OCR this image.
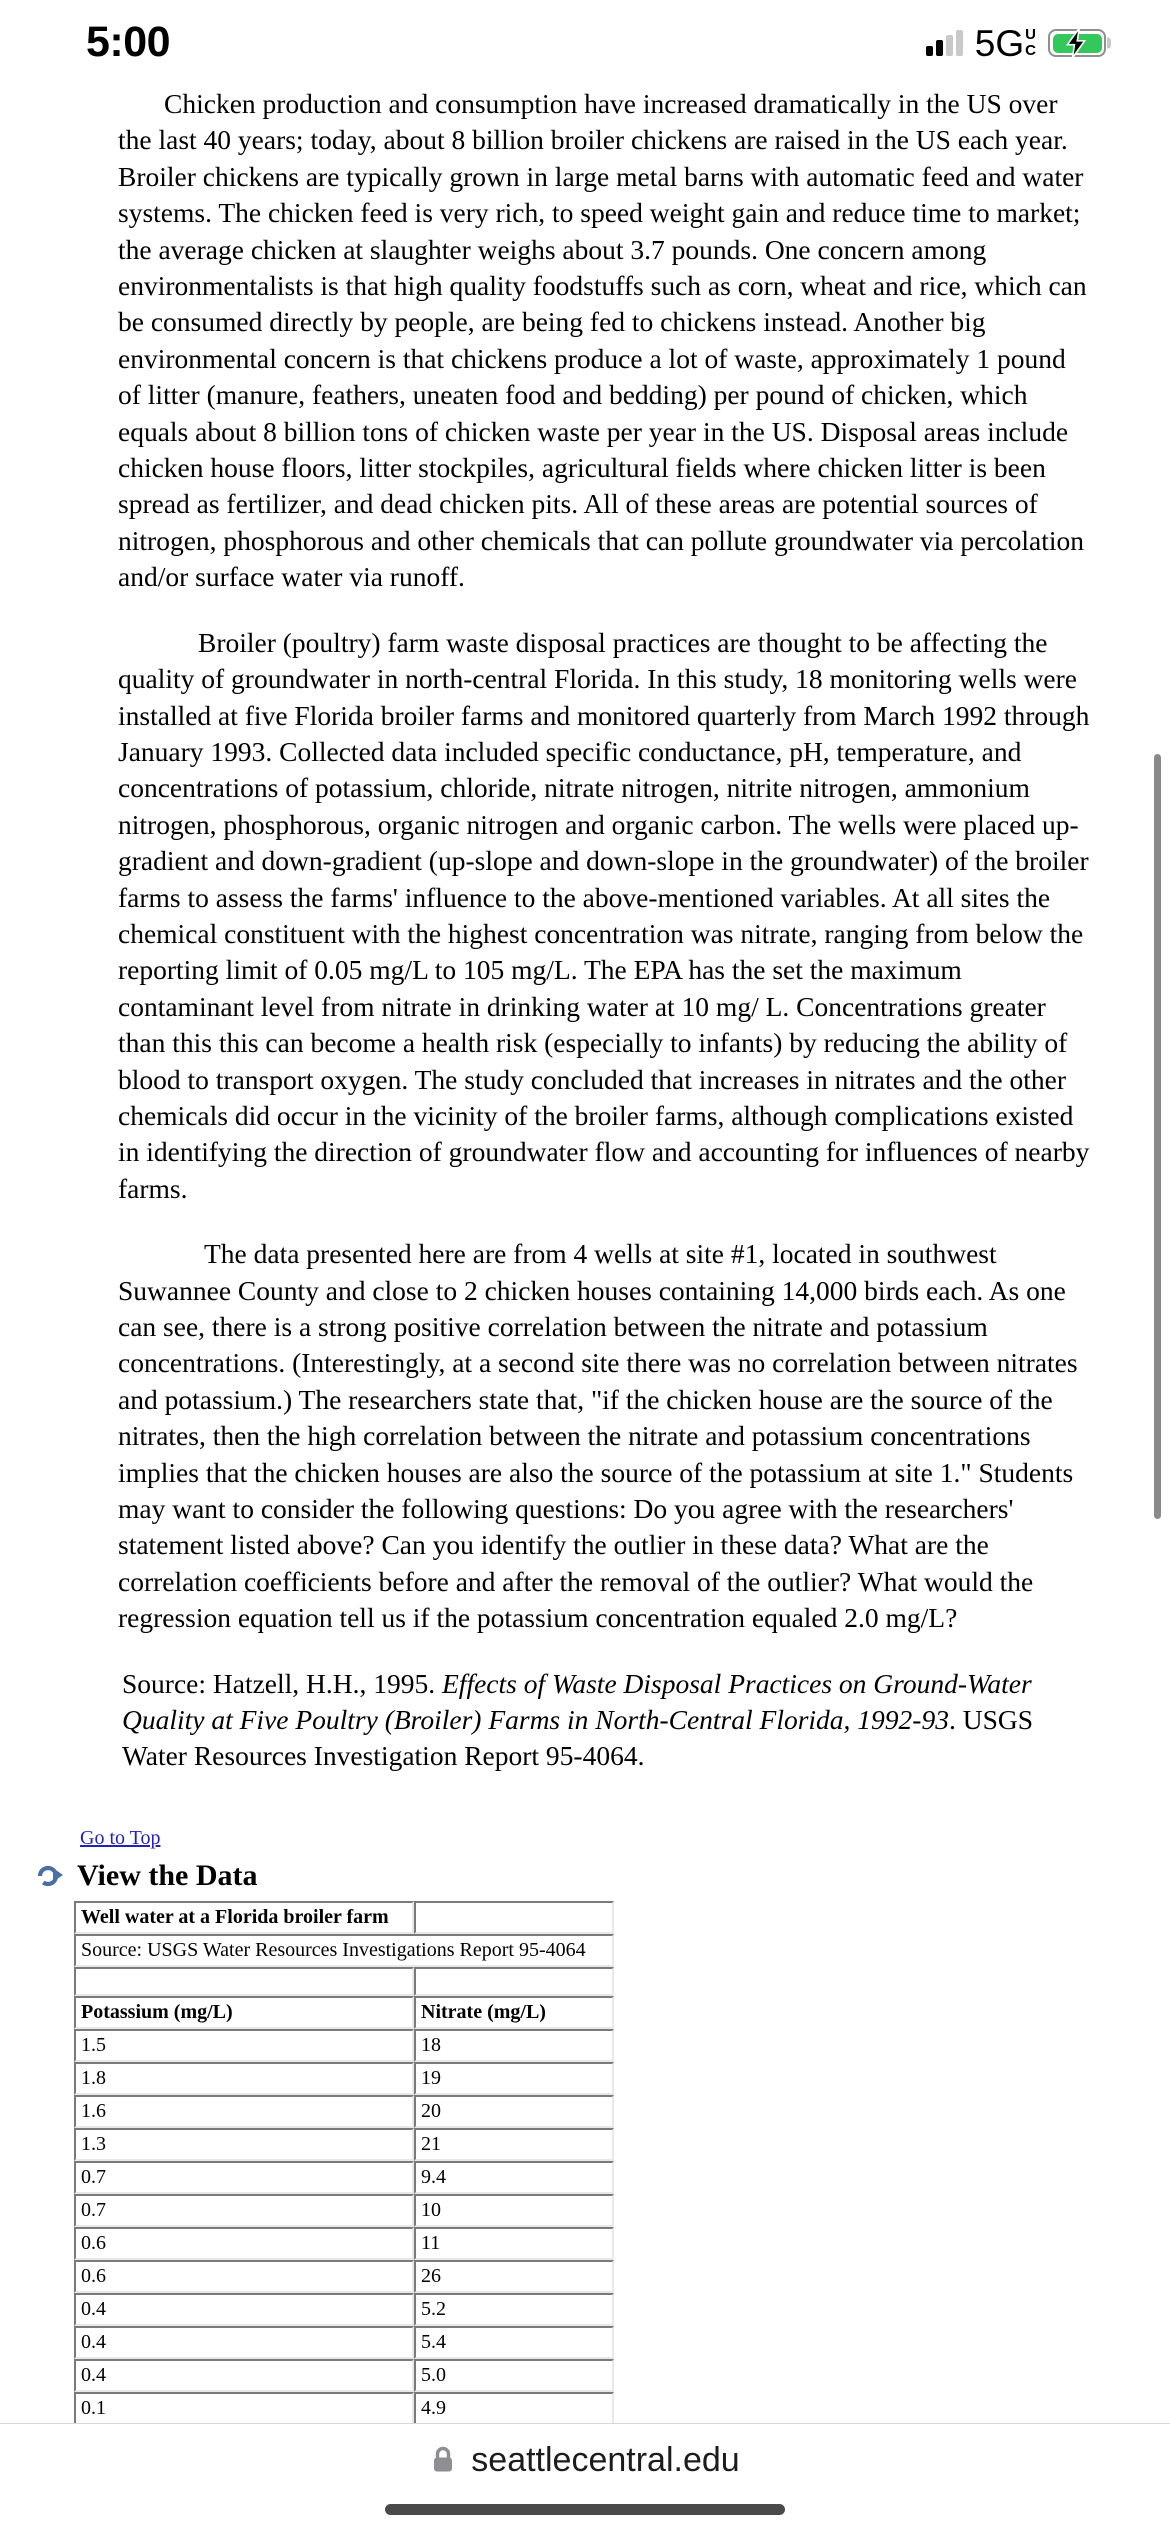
5:00	5G U
C

Chicken production and consumption have increased dramatically in the US over the last 40 years; today, about 8 billion broiler chickens are raised in the US each year. Broiler chickens are typically grown in large metal barns with automatic feed and water systems. The chicken feed is very rich, to speed weight gain and reduce time to market; the average chicken at slaughter weighs about 3.7 pounds. One concern among environmentalists is that high quality foodstuffs such as corn, wheat and rice, which can be consumed directly by people, are being fed to chickens instead. Another big environmental concern is that chickens produce a lot of waste, approximately 1 pound of litter (manure, feathers, uneaten food and bedding) per pound of chicken, which equals about 8 billion tons of chicken waste per year in the US. Disposal areas include chicken house floors, litter stockpiles, agricultural fields where chicken litter is been spread as fertilizer, and dead chicken pits. All of these areas are potential sources of nitrogen, phosphorous and other chemicals that can pollute groundwater via percolation and/or surface water via runoff.

Broiler (poultry) farm waste disposal practices are thought to be affecting the quality of groundwater in north-central Florida. In this study, 18 monitoring wells were installed at five Florida broiler farms and monitored quarterly from March 1992 through January 1993. Collected data included specific conductance, pH, temperature, and concentrations of potassium, chloride, nitrate nitrogen, nitrite nitrogen, ammonium nitrogen, phosphorous, organic nitrogen and organic carbon. The wells were placed up-gradient and down-gradient (up-slope and down-slope in the groundwater) of the broiler farms to assess the farms' influence to the above-mentioned variables. At all sites the chemical constituent with the highest concentration was nitrate, ranging from below the reporting limit of 0.05 mg/L to 105 mg/L. The EPA has the set the maximum contaminant level from nitrate in drinking water at 10 mg/ L. Concentrations greater than this this can become a health risk (especially to infants) by reducing the ability of blood to transport oxygen. The study concluded that increases in nitrates and the other chemicals did occur in the vicinity of the broiler farms, although complications existed in identifying the direction of groundwater flow and accounting for influences of nearby farms.

The data presented here are from 4 wells at site #1, located in southwest Suwannee County and close to 2 chicken houses containing 14,000 birds each. As one can see, there is a strong positive correlation between the nitrate and potassium concentrations. (Interestingly, at a second site there was no correlation between nitrates and potassium.) The researchers state that, "if the chicken house are the source of the nitrates, then the high correlation between the nitrate and potassium concentrations implies that the chicken houses are also the source of the potassium at site 1." Students may want to consider the following questions: Do you agree with the researchers' statement listed above? Can you identify the outlier in these data? What are the correlation coefficients before and after the removal of the outlier? What would the regression equation tell us if the potassium concentration equaled 2.0 mg/L?

Source: Hatzell, H.H., 1995. Effects of Waste Disposal Practices on Ground-Water Quality at Five Poultry (Broiler) Farms in North-Central Florida, 1992-93. USGS Water Resources Investigation Report 95-4064.

Go to Top
View the Data
Well water at a Florida broiler farm	
Source: USGS Water Resources Investigations Report 95-4064	

Potassium (mg/L)	Nitrate (mg/L)
1.5	18
1.8	19
1.6	20
1.3	21
0.7	9.4
0.7	10
0.6	11
0.6	26
0.4	5.2
0.4	5.4
0.4	5.0
0.1	4.9
seattlecentral.edu
